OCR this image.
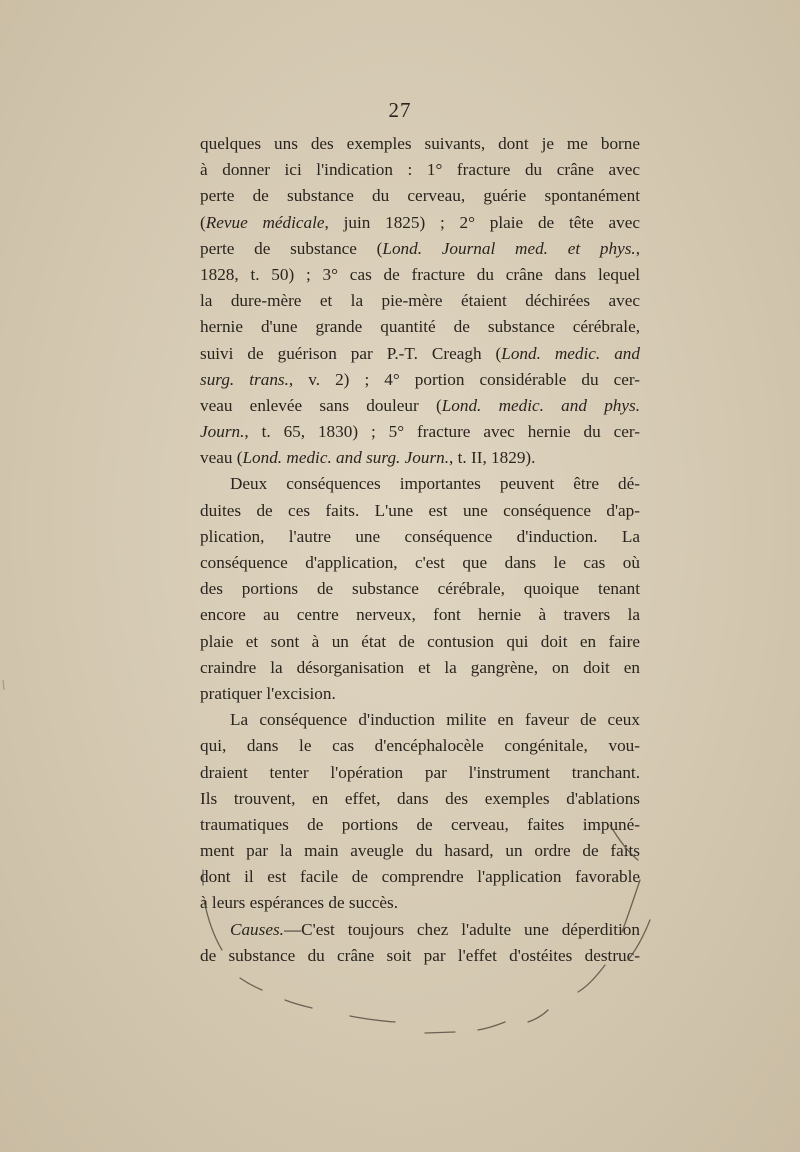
27
quelques uns des exemples suivants, dont je me borne
à donner ici l'indication : 1° fracture du crâne avec
perte de substance du cerveau, guérie spontanément
(Revue médicale, juin 1825) ; 2° plaie de tête avec
perte de substance (Lond. Journal med. et phys.,
1828, t. 50) ; 3° cas de fracture du crâne dans lequel
la dure-mère et la pie-mère étaient déchirées avec
hernie d'une grande quantité de substance cérébrale,
suivi de guérison par P.-T. Creagh (Lond. medic. and
surg. trans., v. 2) ; 4° portion considérable du cer-
veau enlevée sans douleur (Lond. medic. and phys.
Journ., t. 65, 1830) ; 5° fracture avec hernie du cer-
veau (Lond. medic. and surg. Journ., t. II, 1829).
Deux conséquences importantes peuvent être dé-
duites de ces faits. L'une est une conséquence d'ap-
plication, l'autre une conséquence d'induction. La
conséquence d'application, c'est que dans le cas où
des portions de substance cérébrale, quoique tenant
encore au centre nerveux, font hernie à travers la
plaie et sont à un état de contusion qui doit en faire
craindre la désorganisation et la gangrène, on doit en
pratiquer l'excision.
La conséquence d'induction milite en faveur de ceux
qui, dans le cas d'encéphalocèle congénitale, vou-
draient tenter l'opération par l'instrument tranchant.
Ils trouvent, en effet, dans des exemples d'ablations
traumatiques de portions de cerveau, faites impuné-
ment par la main aveugle du hasard, un ordre de faits
dont il est facile de comprendre l'application favorable
à leurs espérances de succès.
Causes.—C'est toujours chez l'adulte une déperdition
de substance du crâne soit par l'effet d'ostéites destruc-
